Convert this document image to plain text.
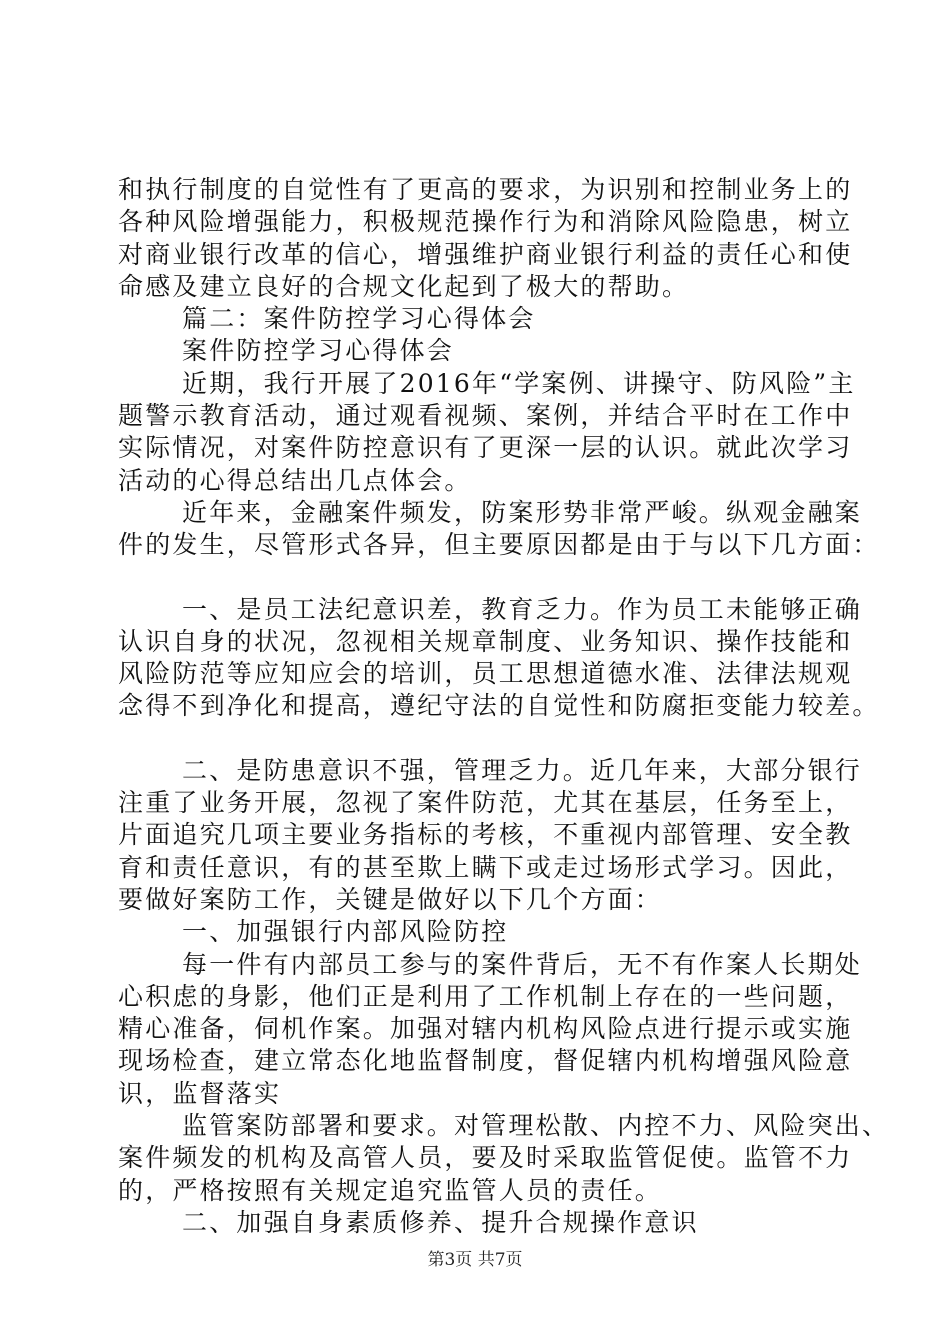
和执行制度的自觉性有了更高的要求，为识别和控制业务上的
各种风险增强能力，积极规范操作行为和消除风险隐患，树立
对商业银行改革的信心，增强维护商业银行利益的责任心和使
命感及建立良好的合规文化起到了极大的帮助。
篇二：案件防控学习心得体会
案件防控学习心得体会
近期，我行开展了2016年“学案例、讲操守、防风险”主
题警示教育活动，通过观看视频、案例，并结合平时在工作中
实际情况，对案件防控意识有了更深一层的认识。就此次学习
活动的心得总结出几点体会。
近年来，金融案件频发，防案形势非常严峻。纵观金融案
件的发生，尽管形式各异，但主要原因都是由于与以下几方面：
一、是员工法纪意识差，教育乏力。作为员工未能够正确
认识自身的状况，忽视相关规章制度、业务知识、操作技能和
风险防范等应知应会的培训，员工思想道德水准、法律法规观
念得不到净化和提高，遵纪守法的自觉性和防腐拒变能力较差。
二、是防患意识不强，管理乏力。近几年来，大部分银行
注重了业务开展，忽视了案件防范，尤其在基层，任务至上，
片面追究几项主要业务指标的考核，不重视内部管理、安全教
育和责任意识，有的甚至欺上瞒下或走过场形式学习。因此，
要做好案防工作，关键是做好以下几个方面：
一、加强银行内部风险防控
每一件有内部员工参与的案件背后，无不有作案人长期处
心积虑的身影，他们正是利用了工作机制上存在的一些问题，
精心准备，伺机作案。加强对辖内机构风险点进行提示或实施
现场检查，建立常态化地监督制度，督促辖内机构增强风险意
识，监督落实
监管案防部署和要求。对管理松散、内控不力、风险突出、
案件频发的机构及高管人员，要及时采取监管促使。监管不力
的，严格按照有关规定追究监管人员的责任。
二、加强自身素质修养、提升合规操作意识
第3页 共7页
